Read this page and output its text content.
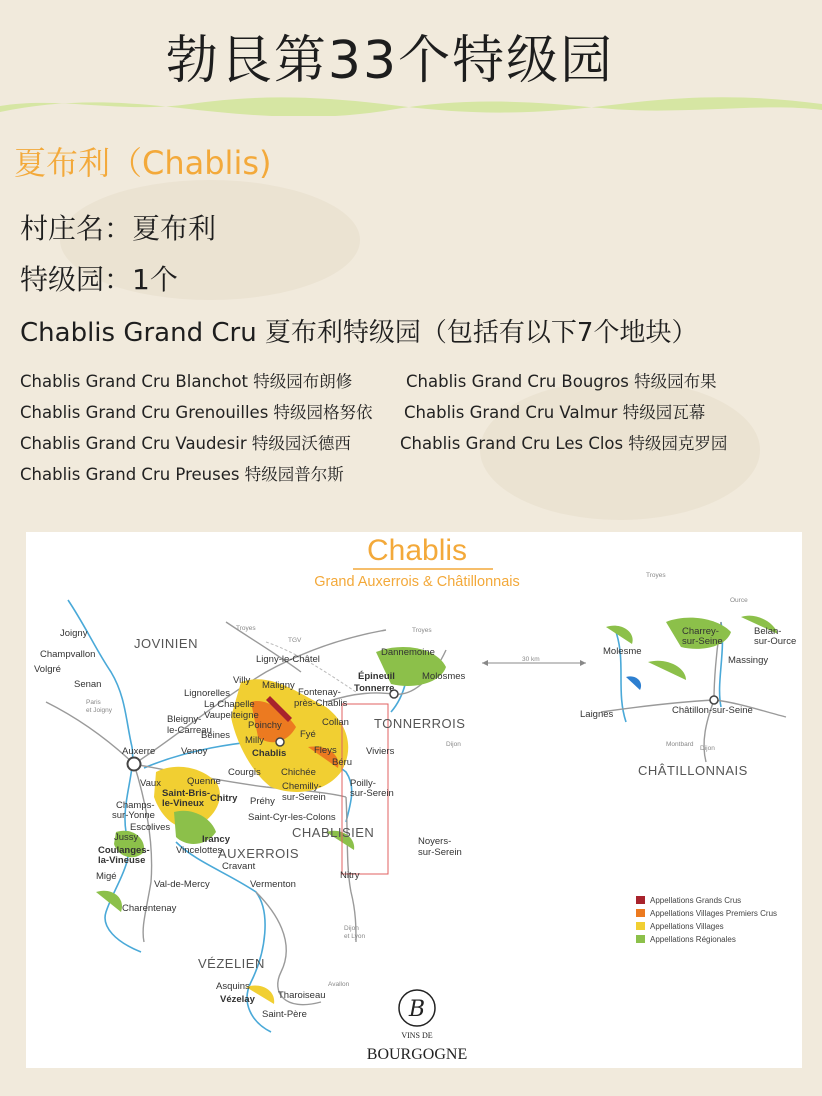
勃艮第33个特级园
夏布利（Chablis)
村庄名：夏布利
特级园：1个
Chablis Grand Cru 夏布利特级园（包括有以下7个地块）
Chablis Grand Cru Blanchot 特级园布朗修	Chablis Grand Cru Bougros 特级园布果
Chablis Grand Cru Grenouilles 特级园格努依 Chablis Grand Cru Valmur 特级园瓦幕
Chablis Grand Cru Vaudesir 特级园沃德西	Chablis Grand Cru Les Clos 特级园克罗园
Chablis Grand Cru Preuses 特级园普尔斯
Chablis
Grand Auxerrois & Châtillonnais
JOVINIEN
TONNERROIS
CHABLISIEN
AUXERROIS
VÉZELIEN
CHÂTILLONNAIS
Joigny
Champvallon
Volgré
Senan
Auxerre
Ligny-le-Châtel
Villy Maligny
Lignorelles
La Chapelle
Vaupelteigne
Bleigny-
le-Carreau
Fontenay-
près-Chablis
Poinchy	Collan
Beines Milly
Fyé
Chablis	Fleys	Viviers
Venoy
Courgis Chichée
Béru
Quenne	Chemilly-
sur-Serein
Poilly-
sur-Serein
Vaux
Saint-Bris-
le-Vineux Chitry Préhy
Champs-
sur-Yonne	Saint-Cyr-les-Colons
Escolives
Jussy	Irancy
Vincelottes
Coulanges-
la-Vineuse
Cravant
Migé
Val-de-Mercy	Vermenton
Charentenay
Noyers-
sur-Serein
Nitry
Dannemoine
Épineuil	Molosmes
Tonnerre
Asquins
Vézelay Tharoiseau
Saint-Père
Molesme
Charrey-
sur-Seine
Belan-
sur-Ource
Massingy
Laignes	Châtillon-sur-Seine
Troyes	Troyes
Troyes
Paris
et Joigny
TGV
Dijon
Dijon
et Lyon
Avallon
Dijon
Montbard
Ource
30 km
Appellations Grands Crus
Appellations Villages Premiers Crus
Appellations Villages
Appellations Régionales
B
VINS DE
BOURGOGNE
